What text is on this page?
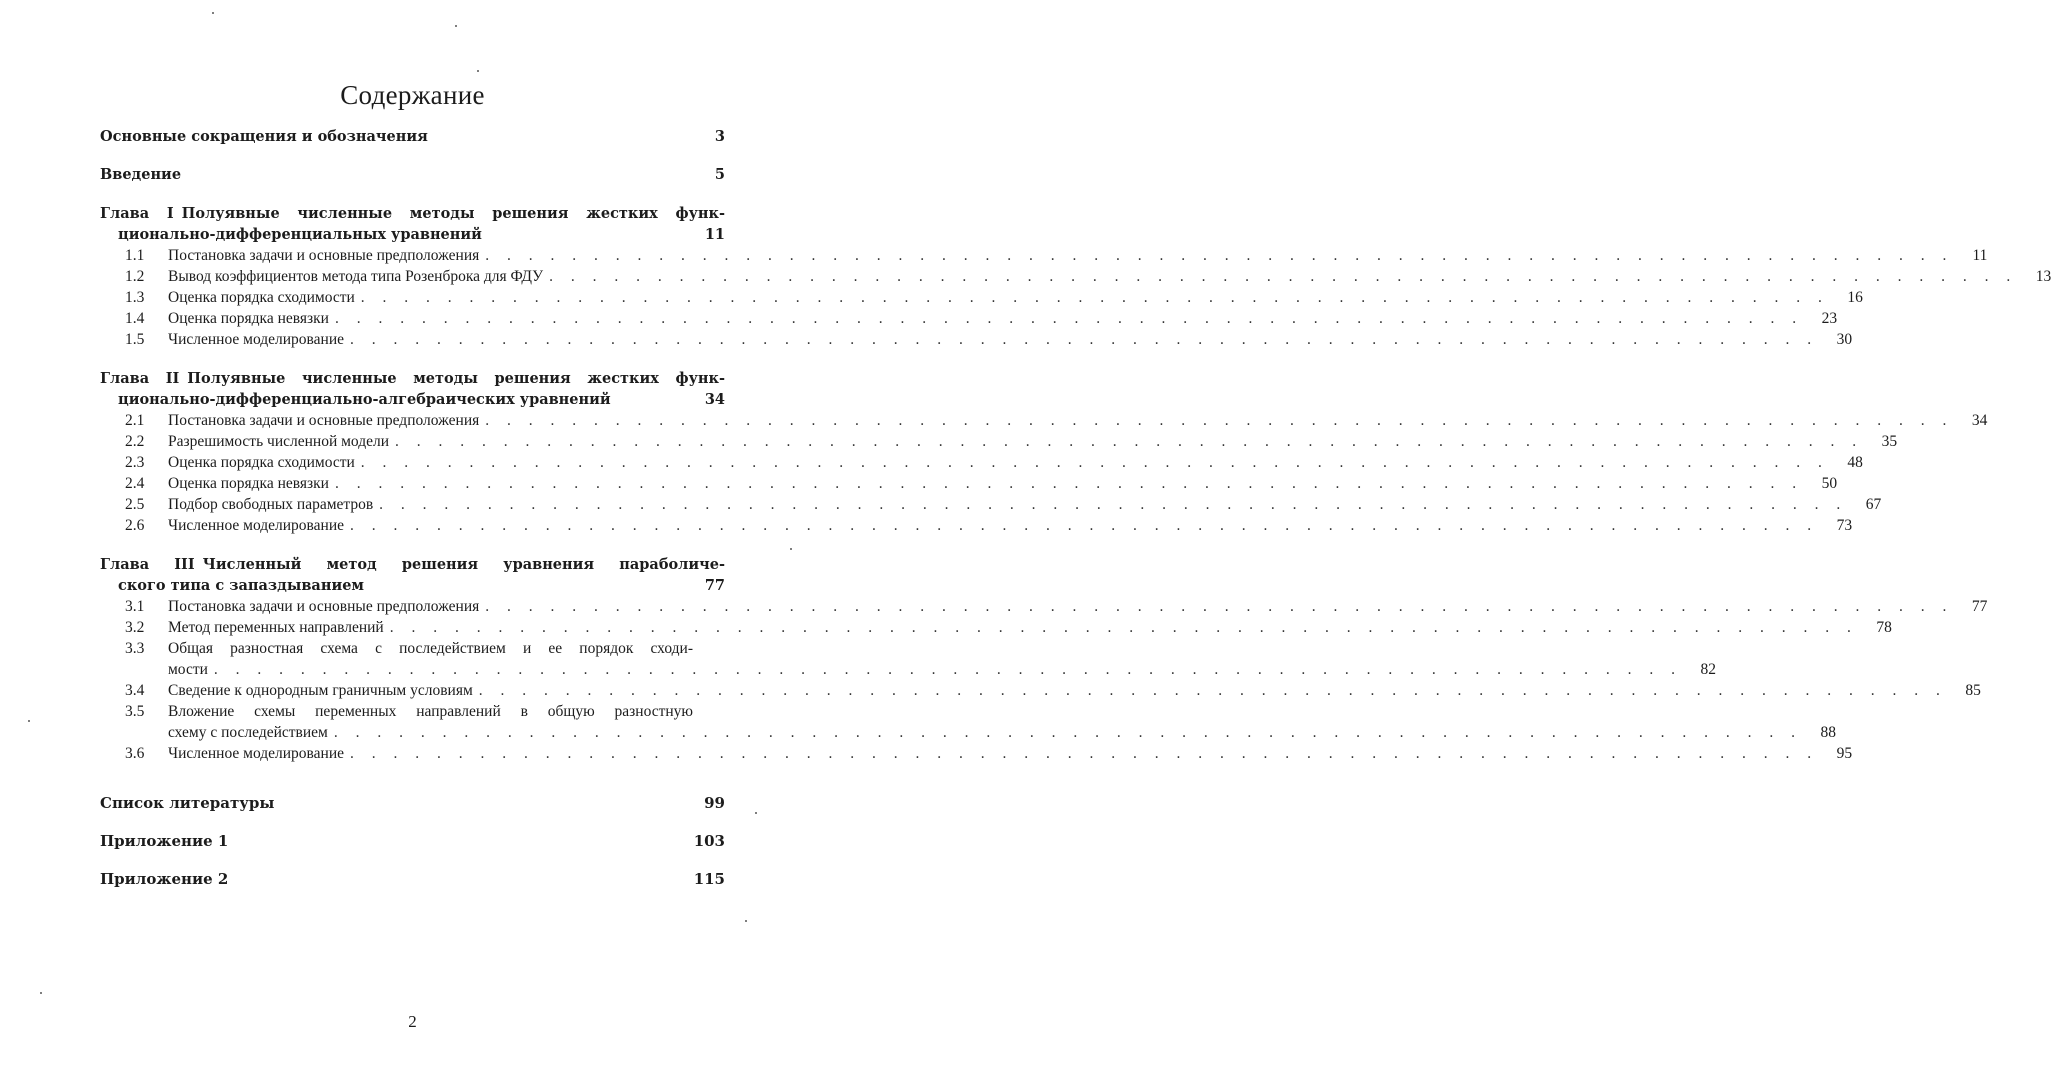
Содержание
Основные сокращения и обозначения	3
Введение	5
Глава I Полуявные численные методы решения жестких функ-
ционально-дифференциальных уравнений	11
1.1	Постановка задачи и основные предположения . . . . . . . . . . . . . . . . . . . . . . . . . . . . . . . . . . . . . . . . . . . . . . . . . . . . . . . . . . . . . . . . . . . .	11
1.2	Вывод коэффициентов метода типа Розенброка для ФДУ . . . . . . . . . . . . . . . . . . . . . . . . . . . . . . . . . . . . . . . . . . . . . . . . . . . . . . . . . . . . . . . . . . . .	13
1.3	Оценка порядка сходимости . . . . . . . . . . . . . . . . . . . . . . . . . . . . . . . . . . . . . . . . . . . . . . . . . . . . . . . . . . . . . . . . . . . .	16
1.4	Оценка порядка невязки . . . . . . . . . . . . . . . . . . . . . . . . . . . . . . . . . . . . . . . . . . . . . . . . . . . . . . . . . . . . . . . . . . . .	23
1.5	Численное моделирование . . . . . . . . . . . . . . . . . . . . . . . . . . . . . . . . . . . . . . . . . . . . . . . . . . . . . . . . . . . . . . . . . . . .	30
Глава II Полуявные численные методы решения жестких функ-
ционально-дифференциально-алгебраических уравнений	34
2.1	Постановка задачи и основные предположения . . . . . . . . . . . . . . . . . . . . . . . . . . . . . . . . . . . . . . . . . . . . . . . . . . . . . . . . . . . . . . . . . . . .	34
2.2	Разрешимость численной модели . . . . . . . . . . . . . . . . . . . . . . . . . . . . . . . . . . . . . . . . . . . . . . . . . . . . . . . . . . . . . . . . . . . .	35
2.3	Оценка порядка сходимости . . . . . . . . . . . . . . . . . . . . . . . . . . . . . . . . . . . . . . . . . . . . . . . . . . . . . . . . . . . . . . . . . . . .	48
2.4	Оценка порядка невязки . . . . . . . . . . . . . . . . . . . . . . . . . . . . . . . . . . . . . . . . . . . . . . . . . . . . . . . . . . . . . . . . . . . .	50
2.5	Подбор свободных параметров . . . . . . . . . . . . . . . . . . . . . . . . . . . . . . . . . . . . . . . . . . . . . . . . . . . . . . . . . . . . . . . . . . . .	67
2.6	Численное моделирование . . . . . . . . . . . . . . . . . . . . . . . . . . . . . . . . . . . . . . . . . . . . . . . . . . . . . . . . . . . . . . . . . . . .	73
Глава III Численный метод решения уравнения параболиче-
ского типа с запаздыванием	77
3.1	Постановка задачи и основные предположения . . . . . . . . . . . . . . . . . . . . . . . . . . . . . . . . . . . . . . . . . . . . . . . . . . . . . . . . . . . . . . . . . . . .	77
3.2	Метод переменных направлений . . . . . . . . . . . . . . . . . . . . . . . . . . . . . . . . . . . . . . . . . . . . . . . . . . . . . . . . . . . . . . . . . . . .	78
3.3	Общая разностная схема с последействием и ее порядок сходи-
мости . . . . . . . . . . . . . . . . . . . . . . . . . . . . . . . . . . . . . . . . . . . . . . . . . . . . . . . . . . . . . . . . . . . .	82
3.4	Сведение к однородным граничным условиям . . . . . . . . . . . . . . . . . . . . . . . . . . . . . . . . . . . . . . . . . . . . . . . . . . . . . . . . . . . . . . . . . . . .	85
3.5	Вложение схемы переменных направлений в общую разностную
схему с последействием . . . . . . . . . . . . . . . . . . . . . . . . . . . . . . . . . . . . . . . . . . . . . . . . . . . . . . . . . . . . . . . . . . . .	88
3.6	Численное моделирование . . . . . . . . . . . . . . . . . . . . . . . . . . . . . . . . . . . . . . . . . . . . . . . . . . . . . . . . . . . . . . . . . . . .	95
Список литературы	99
Приложение 1	103
Приложение 2	115
2
